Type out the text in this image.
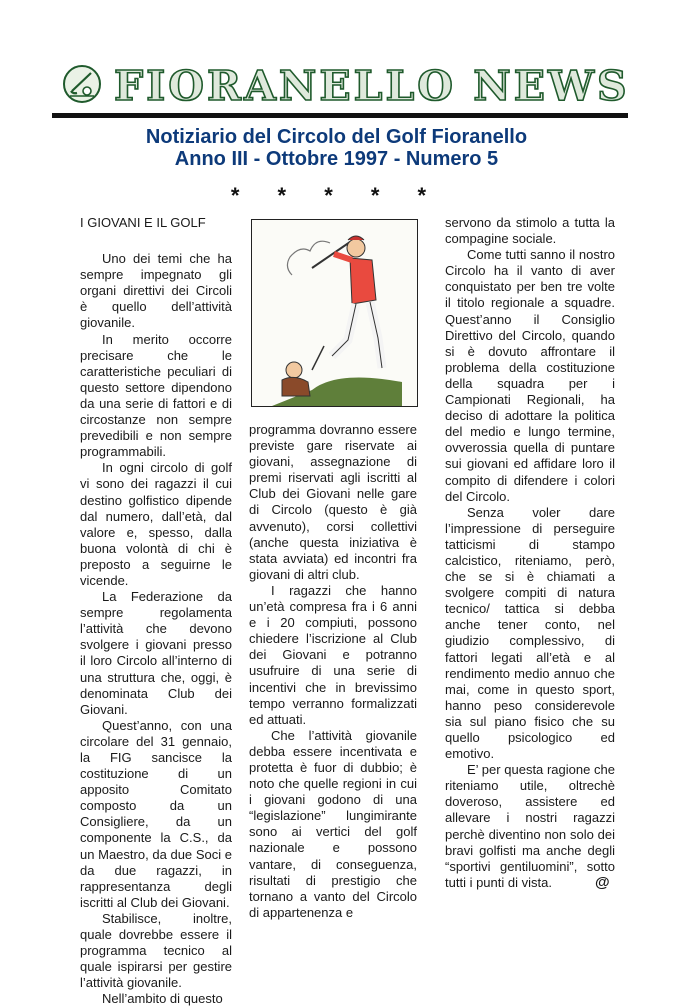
FIORANELLO NEWS
Notiziario del Circolo del Golf Fioranello
Anno III - Ottobre 1997 - Numero 5
* * * * *

I GIOVANI E IL GOLF

Uno dei temi che ha sempre impegnato gli organi direttivi dei Circoli è quello dell’attività giovanile.

In merito occorre precisare che le caratteristiche peculiari di questo settore dipendono da una serie di fattori e di circostanze non sempre prevedibili e non sempre programmabili.

In ogni circolo di golf vi sono dei ragazzi il cui destino golfistico dipende dal numero, dall’età, dal valore e, spesso, dalla buona volontà di chi è preposto a seguirne le vicende.

La Federazione da sempre regolamenta l’attività che devono svolgere i giovani presso il loro Circolo all’interno di una struttura che, oggi, è denominata Club dei Giovani.

Quest’anno, con una circolare del 31 gennaio, la FIG sancisce la costituzione di un apposito Comitato composto da un Consigliere, da un componente la C.S., da un Maestro, da due Soci e da due ragazzi, in rappresentanza degli iscritti al Club dei Giovani.

Stabilisce, inoltre, quale dovrebbe essere il programma tecnico al quale ispirarsi per gestire l’attività giovanile.

Nell’ambito di questo

programma dovranno essere previste gare riservate ai giovani, assegnazione di premi riservati agli iscritti al Club dei Giovani nelle gare di Circolo (questo è già avvenuto), corsi collettivi (anche questa iniziativa è stata avviata) ed incontri fra giovani di altri club.

I ragazzi che hanno un’età compresa fra i 6 anni e i 20 compiuti, possono chiedere l’iscrizione al Club dei Giovani e potranno usufruire di una serie di incentivi che in brevissimo tempo verranno formalizzati ed attuati.

Che l’attività giovanile debba essere incentivata e protetta è fuor di dubbio; è noto che quelle regioni in cui i giovani godono di una “legislazione” lungimirante sono ai vertici del golf nazionale e possono vantare, di conseguenza, risultati di prestigio che tornano a vanto del Circolo di appartenenza e

servono da stimolo a tutta la compagine sociale.

Come tutti sanno il nostro Circolo ha il vanto di aver conquistato per ben tre volte il titolo regionale a squadre. Quest’anno il Consiglio Direttivo del Circolo, quando si è dovuto affrontare il problema della costituzione della squadra per i Campionati Regionali, ha deciso di adottare la politica del medio e lungo termine, ovverossia quella di puntare sui giovani ed affidare loro il compito di difendere i colori del Circolo.

Senza voler dare l’impressione di perseguire tatticismi di stampo calcistico, riteniamo, però, che se si è chiamati a svolgere compiti di natura tecnico/ tattica si debba anche tener conto, nel giudizio complessivo, di fattori legati all’età e al rendimento medio annuo che mai, come in questo sport, hanno peso considerevole sia sul piano fisico che su quello psicologico ed emotivo.

E’ per questa ragione che riteniamo utile, oltrechè doveroso, assistere ed allevare i nostri ragazzi perchè diventino non solo dei bravi golfisti ma anche degli “sportivi gentiluomini”, sotto tutti i punti di vista.	@
